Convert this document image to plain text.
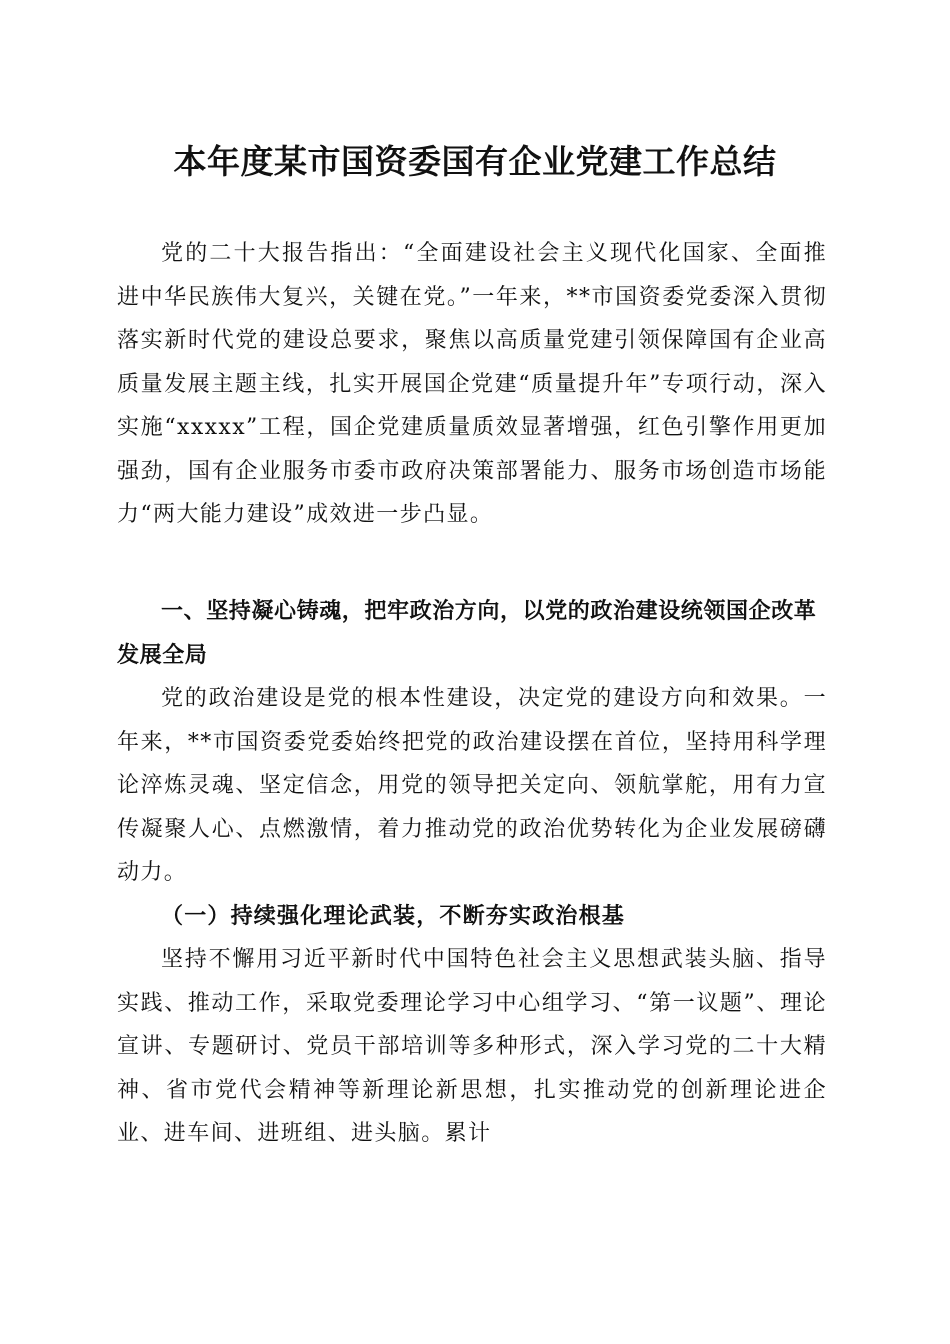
本年度某市国资委国有企业党建工作总结

党的二十大报告指出：“全面建设社会主义现代化国家、全面推进中华民族伟大复兴，关键在党。”一年来，**市国资委党委深入贯彻落实新时代党的建设总要求，聚焦以高质量党建引领保障国有企业高质量发展主题主线，扎实开展国企党建“质量提升年”专项行动，深入实施“xxxxx”工程，国企党建质量质效显著增强，红色引擎作用更加强劲，国有企业服务市委市政府决策部署能力、服务市场创造市场能力“两大能力建设”成效进一步凸显。

一、坚持凝心铸魂，把牢政治方向，以党的政治建设统领国企改革发展全局

党的政治建设是党的根本性建设，决定党的建设方向和效果。一年来，**市国资委党委始终把党的政治建设摆在首位，坚持用科学理论淬炼灵魂、坚定信念，用党的领导把关定向、领航掌舵，用有力宣传凝聚人心、点燃激情，着力推动党的政治优势转化为企业发展磅礴动力。

（一）持续强化理论武装，不断夯实政治根基

坚持不懈用习近平新时代中国特色社会主义思想武装头脑、指导实践、推动工作，采取党委理论学习中心组学习、“第一议题”、理论宣讲、专题研讨、党员干部培训等多种形式，深入学习党的二十大精神、省市党代会精神等新理论新思想，扎实推动党的创新理论进企业、进车间、进班组、进头脑。累计
